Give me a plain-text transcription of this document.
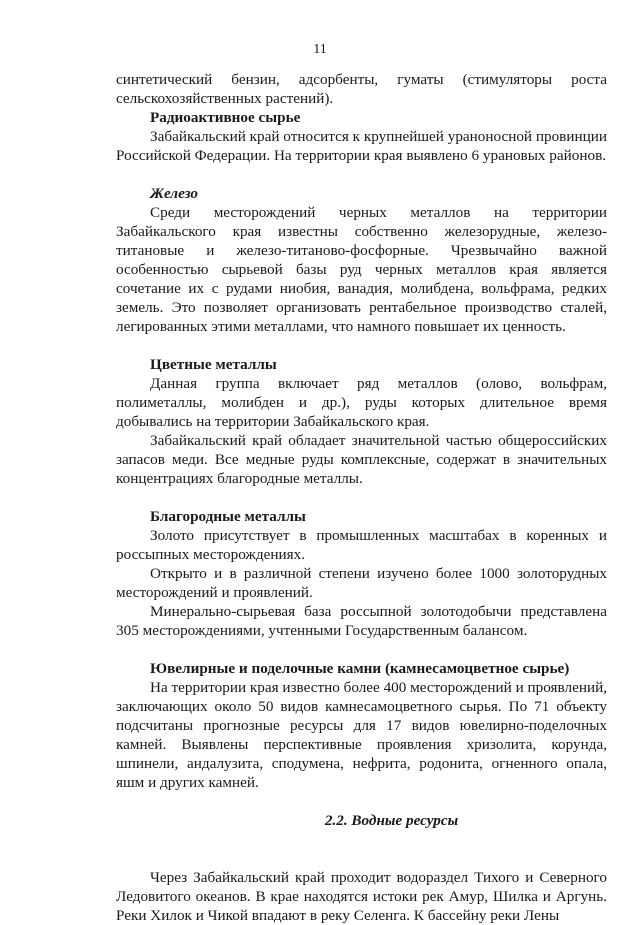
11

синтетический бензин, адсорбенты, гуматы (стимуляторы роста сельскохозяйственных растений).

Радиоактивное сырье

Забайкальский край относится к крупнейшей ураноносной провинции Российской Федерации. На территории края выявлено 6 урановых районов.

Железо

Среди месторождений черных металлов на территории Забайкальского края известны собственно железорудные, железо-титановые и железо-титаново-фосфорные. Чрезвычайно важной особенностью сырьевой базы руд черных металлов края является сочетание их с рудами ниобия, ванадия, молибдена, вольфрама, редких земель. Это позволяет организовать рентабельное производство сталей, легированных этими металлами, что намного повышает их ценность.

Цветные металлы

Данная группа включает ряд металлов (олово, вольфрам, полиметаллы, молибден и др.), руды которых длительное время добывались на территории Забайкальского края.

Забайкальский край обладает значительной частью общероссийских запасов меди. Все медные руды комплексные, содержат в значительных концентрациях благородные металлы.

Благородные металлы

Золото присутствует в промышленных масштабах в коренных и россыпных месторождениях.

Открыто и в различной степени изучено более 1000 золоторудных месторождений и проявлений.

Минерально-сырьевая база россыпной золотодобычи представлена 305 месторождениями, учтенными Государственным балансом.

Ювелирные и поделочные камни (камнесамоцветное сырье)

На территории края известно более 400 месторождений и проявлений, заключающих около 50 видов камнесамоцветного сырья. По 71 объекту подсчитаны прогнозные ресурсы для 17 видов ювелирно-поделочных камней. Выявлены перспективные проявления хризолита, корунда, шпинели, андалузита, сподумена, нефрита, родонита, огненного опала, яшм и других камней.

2.2. Водные ресурсы

Через Забайкальский край проходит водораздел Тихого и Северного Ледовитого океанов. В крае находятся истоки рек Амур, Шилка и Аргунь. Реки Хилок и Чикой впадают в реку Селенга. К бассейну реки Лены
